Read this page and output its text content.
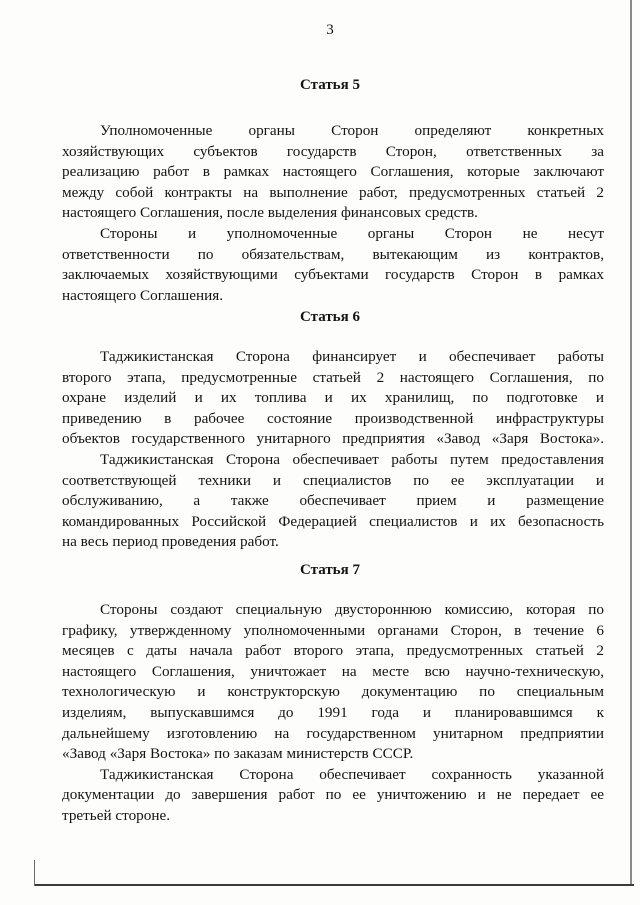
3
Статья 5
Уполномоченные органы Сторон определяют конкретных
хозяйствующих субъектов государств Сторон, ответственных за
реализацию работ в рамках настоящего Соглашения, которые заключают
между собой контракты на выполнение работ, предусмотренных статьей 2
настоящего Соглашения, после выделения финансовых средств.
Стороны и уполномоченные органы Сторон не несут
ответственности по обязательствам, вытекающим из контрактов,
заключаемых хозяйствующими субъектами государств Сторон в рамках
настоящего Соглашения.
Статья 6
Таджикистанская Сторона финансирует и обеспечивает работы
второго этапа, предусмотренные статьей 2 настоящего Соглашения, по
охране изделий и их топлива и их хранилищ, по подготовке и
приведению в рабочее состояние производственной инфраструктуры
объектов государственного унитарного предприятия «Завод «Заря Востока».
Таджикистанская Сторона обеспечивает работы путем предоставления
соответствующей техники и специалистов по ее эксплуатации и
обслуживанию, а также обеспечивает прием и размещение
командированных Российской Федерацией специалистов и их безопасность
на весь период проведения работ.
Статья 7
Стороны создают специальную двустороннюю комиссию, которая по
графику, утвержденному уполномоченными органами Сторон, в течение 6
месяцев с даты начала работ второго этапа, предусмотренных статьей 2
настоящего Соглашения, уничтожает на месте всю научно-техническую,
технологическую и конструкторскую документацию по специальным
изделиям, выпускавшимся до 1991 года и планировавшимся к
дальнейшему изготовлению на государственном унитарном предприятии
«Завод «Заря Востока» по заказам министерств СССР.
Таджикистанская Сторона обеспечивает сохранность указанной
документации до завершения работ по ее уничтожению и не передает ее
третьей стороне.
